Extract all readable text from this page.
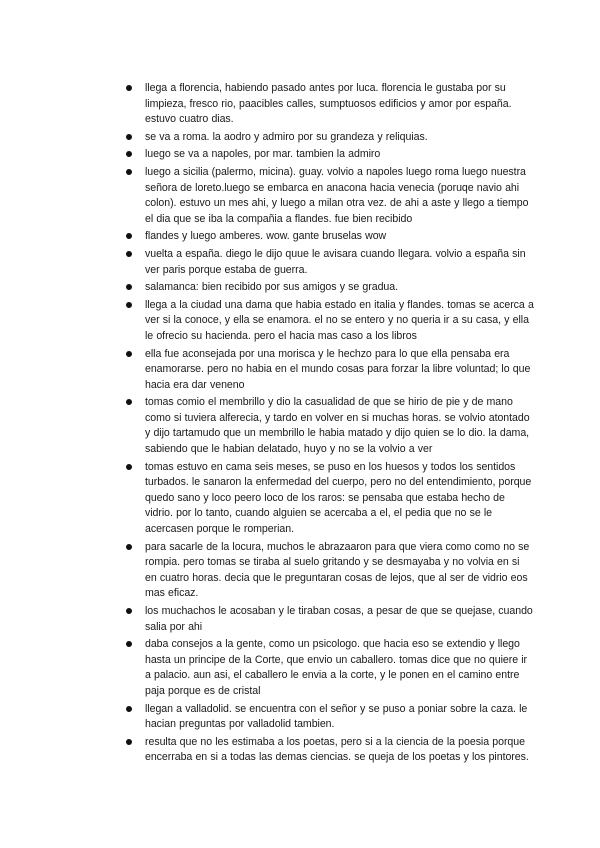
llega a florencia, habiendo pasado antes por luca. florencia le gustaba por su limpieza, fresco rio, paacibles calles, sumptuosos edificios y amor por españa. estuvo cuatro dias.
se va a roma. la aodro y admiro por su grandeza y reliquias.
luego se va a napoles, por mar. tambien la admiro
luego a sicilia (palermo, micina). guay. volvio a napoles luego roma luego nuestra señora de loreto.luego se embarca en anacona hacia venecia (poruqe navio ahi colon). estuvo un mes ahi, y luego a milan otra vez. de ahi a aste y llego a tiempo el dia que se iba la compañia a flandes. fue bien recibido
flandes y luego amberes. wow. gante bruselas wow
vuelta a españa. diego le dijo quue le avisara cuando llegara. volvio a españa sin ver paris porque estaba de guerra.
salamanca: bien recibido por sus amigos y se gradua.
llega a la ciudad una dama que habia estado en italia y flandes. tomas se acerca a ver si la conoce, y ella se enamora. el no se entero y no queria ir a su casa, y ella le ofrecio su hacienda. pero el hacia mas caso a los libros
ella fue aconsejada por una morisca y le hechzo para lo que ella pensaba era enamorarse. pero no habia en el mundo cosas para forzar la libre voluntad; lo que hacia era dar veneno
tomas comio el membrillo y dio la casualidad de que se hirio de pie y de mano como si tuviera alferecia, y tardo en volver en si muchas horas. se volvio atontado y dijo tartamudo que un membrillo le habia matado y dijo quien se lo dio. la dama, sabiendo que le habian delatado, huyo y no se la volvio a ver
tomas estuvo en cama seis meses, se puso en los huesos y todos los sentidos turbados. le sanaron la enfermedad del cuerpo, pero no del entendimiento, porque quedo sano y loco peero loco de los raros: se pensaba que estaba hecho de vidrio. por lo tanto, cuando alguien se acercaba a el, el pedia que no se le acercasen porque le romperian.
para sacarle de la locura, muchos le abrazaaron para que viera como como no se rompia. pero tomas se tiraba al suelo gritando y se desmayaba y no volvia en si en cuatro horas. decia que le preguntaran cosas de lejos, que al ser de vidrio eos mas eficaz.
los muchachos le acosaban y le tiraban cosas, a pesar de que se quejase, cuando salia por ahi
daba consejos a la gente, como un psicologo. que hacia eso se extendio y llego hasta un principe de la Corte, que envio un caballero. tomas dice que no quiere ir a palacio. aun asi, el caballero le envia a la corte, y le ponen en el camino entre paja porque es de cristal
llegan a valladolid. se encuentra con el señor y se puso a poniar sobre la caza. le hacian preguntas por valladolid tambien.
resulta que no les estimaba a los poetas, pero si a la ciencia de la poesia porque encerraba en si a todas las demas ciencias. se queja de los poetas y los pintores.
